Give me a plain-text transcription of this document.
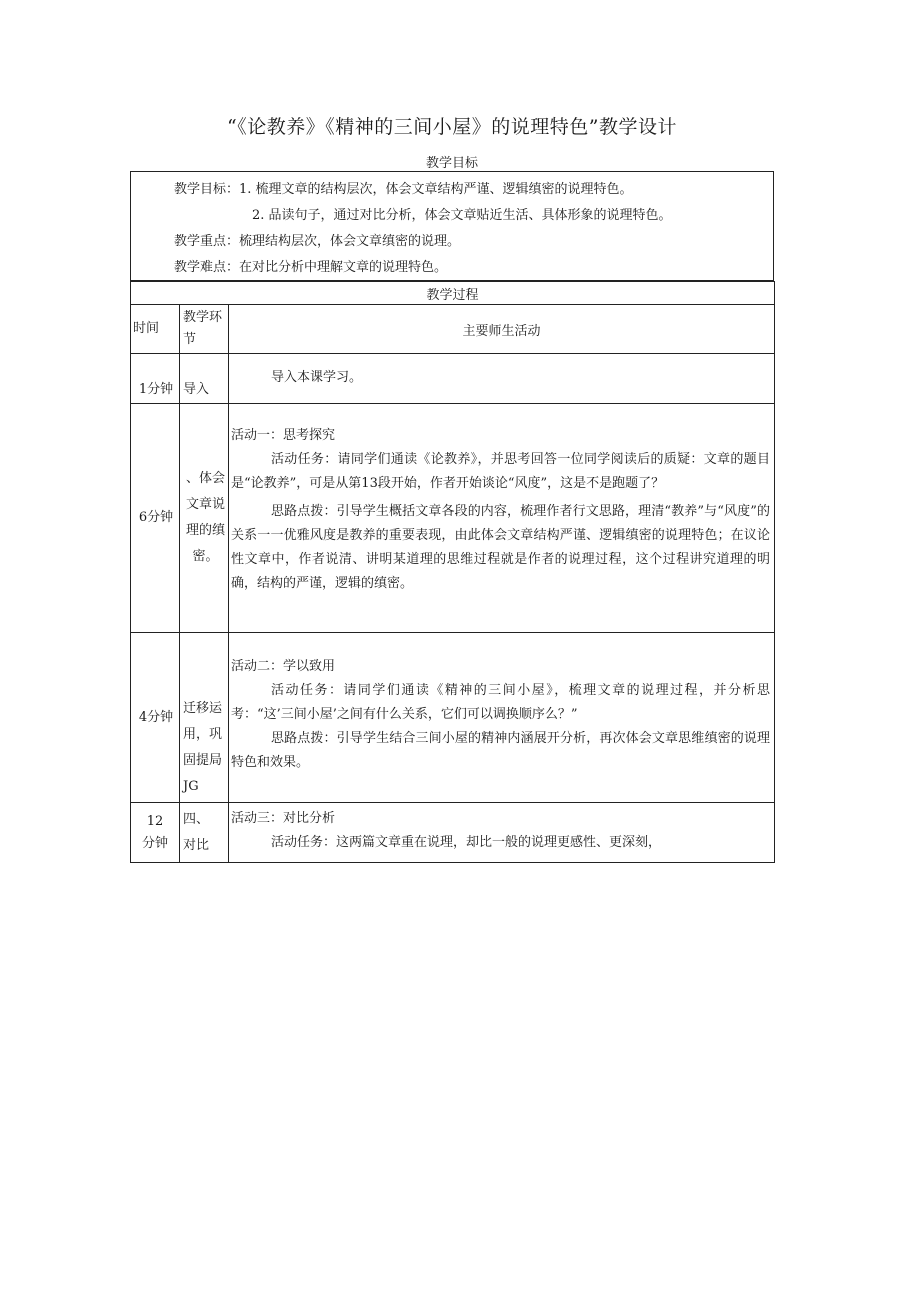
“《论教养》《精神的三间小屋》的说理特色”教学设计
教学目标
教学目标：1. 梳理文章的结构层次，体会文章结构严谨、逻辑缜密的说理特色。
2. 品读句子，通过对比分析，体会文章贴近生活、具体形象的说理特色。
教学重点：梳理结构层次，体会文章缜密的说理。
教学难点：在对比分析中理解文章的说理特色。
教学过程		
时间	教学环节	主要师生活动
1分钟	导入	导入本课学习。

6分钟	、体会文章说理的缜密。	活动一：思考探究
活动任务：请同学们通读《论教养》，并思考回答一位同学阅读后的质疑：文章的题目是“论教养”，可是从第13段开始，作者开始谈论“风度”，这是不是跑题了？
思路点拨：引导学生概括文章各段的内容，梳理作者行文思路，理清“教养”与“风度”的关系一一优雅风度是教养的重要表现，由此体会文章结构严谨、逻辑缜密的说理特色；在议论性文章中，作者说清、讲明某道理的思维过程就是作者的说理过程，这个过程讲究道理的明确，结构的严谨，逻辑的缜密。

4分钟	迁移运用，巩固提局JG	活动二：学以致用
活动任务：请同学们通读《精神的三间小屋》，梳理文章的说理过程，并分析思考：“这’三间小屋’之间有什么关系，它们可以调换顺序么？”
思路点拨：引导学生结合三间小屋的精神内涵展开分析，再次体会文章思维缜密的说理特色和效果。

12分钟	四、对比	活动三：对比分析
活动任务：这两篇文章重在说理，却比一般的说理更感性、更深刻，
